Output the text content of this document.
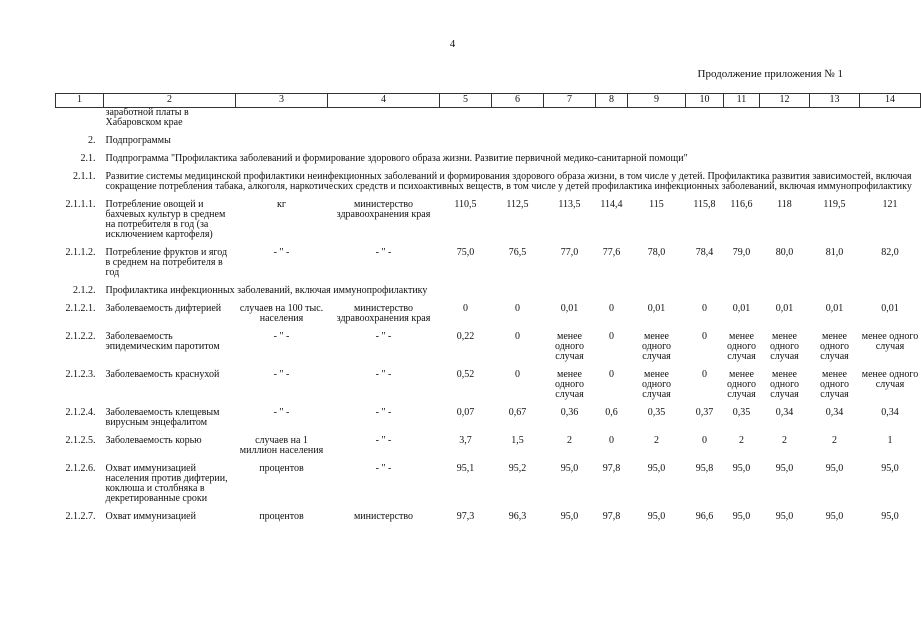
4
Продолжение приложения № 1
1	2	3	4	5	6	7	8	9	10	11	12	13	14
	заработной платы в Хабаровском крае												

2.	Подпрограммы												

2.1.	Подпрограмма "Профилактика заболеваний и формирование здорового образа жизни. Развитие первичной медико-санитарной помощи"												

2.1.1.	Развитие системы медицинской профилактики неинфекционных заболеваний и формирования здорового образа жизни, в том числе у детей. Профилактика развития зависимостей, включая сокращение потребления табака, алкоголя, наркотических средств и психоактивных веществ, в том числе у детей профилактика инфекционных заболеваний, включая иммунопрофилактику												

2.1.1.1.	Потребление овощей и бахчевых культур в среднем на потребителя в год (за исключением картофеля)	кг	министерство здравоохранения края	110,5	112,5	113,5	114,4	115	115,8	116,6	118	119,5	121

2.1.1.2.	Потребление фруктов и ягод в среднем на потребителя в год	- " -	- " -	75,0	76,5	77,0	77,6	78,0	78,4	79,0	80,0	81,0	82,0

2.1.2.	Профилактика инфекционных заболеваний, включая иммунопрофилактику												

2.1.2.1.	Заболеваемость дифтерией	случаев на 100 тыс. населения	министерство здравоохранения края	0	0	0,01	0	0,01	0	0,01	0,01	0,01	0,01

2.1.2.2.	Заболеваемость эпидемическим паротитом	- " -	- " -	0,22	0	менее одного случая	0	менее одного случая	0	менее одного случая	менее одного случая	менее одного случая	менее одного случая

2.1.2.3.	Заболеваемость краснухой	- " -	- " -	0,52	0	менее одного случая	0	менее одного случая	0	менее одного случая	менее одного случая	менее одного случая	менее одного случая

2.1.2.4.	Заболеваемость клещевым вирусным энцефалитом	- " -	- " -	0,07	0,67	0,36	0,6	0,35	0,37	0,35	0,34	0,34	0,34

2.1.2.5.	Заболеваемость корью	случаев на 1 миллион населения	- " -	3,7	1,5	2	0	2	0	2	2	2	1

2.1.2.6.	Охват иммунизацией населения против дифтерии, коклюша и столбняка в декретированные сроки	процентов	- " -	95,1	95,2	95,0	97,8	95,0	95,8	95,0	95,0	95,0	95,0

2.1.2.7.	Охват иммунизацией	процентов	министерство	97,3	96,3	95,0	97,8	95,0	96,6	95,0	95,0	95,0	95,0
